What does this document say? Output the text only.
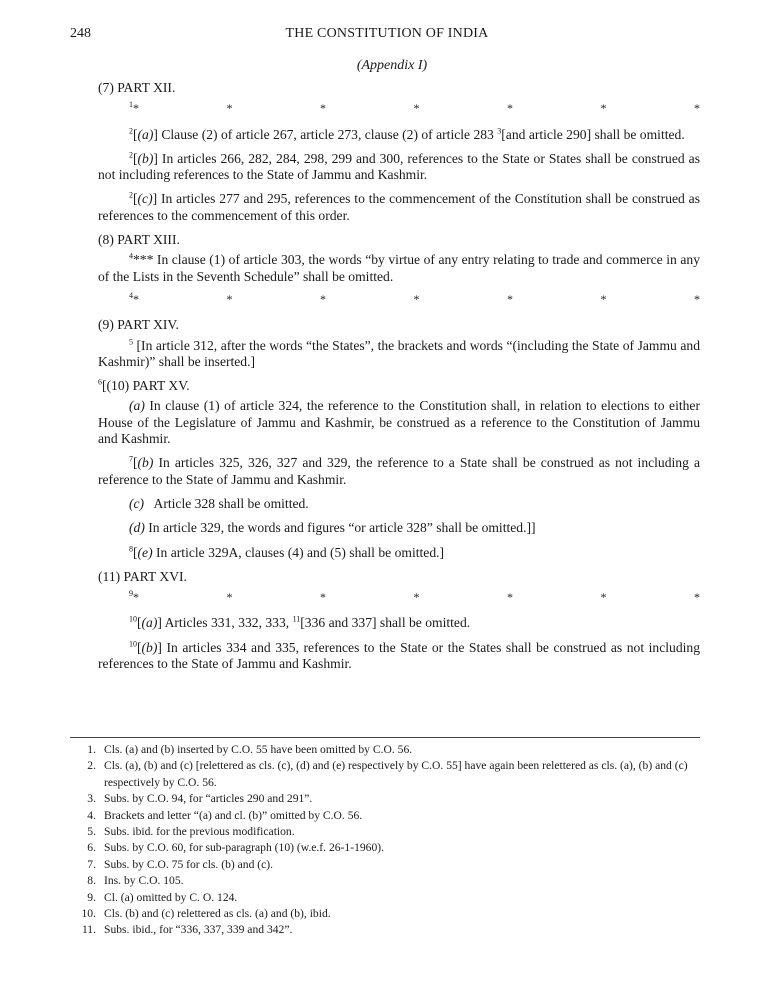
248	THE CONSTITUTION OF INDIA
(Appendix I)
(7) PART XII.
$^1$*	*	*	*	*	*	*
$^2$[(a)] Clause (2) of article 267, article 273, clause (2) of article 283 $^3$[and article 290] shall be omitted.
$^2$[(b)] In articles 266, 282, 284, 298, 299 and 300, references to the State or States shall be construed as not including references to the State of Jammu and Kashmir.
$^2$[(c)] In articles 277 and 295, references to the commencement of the Constitution shall be construed as references to the commencement of this order.
(8) PART XIII.
$^4$*** In clause (1) of article 303, the words “by virtue of any entry relating to trade and commerce in any of the Lists in the Seventh Schedule” shall be omitted.
$^4$*	*	*	*	*	*	*
(9) PART XIV.
$^5$ [In article 312, after the words “the States”, the brackets and words “(including the State of Jammu and Kashmir)” shall be inserted.]
$^6$[(10) PART XV.
(a) In clause (1) of article 324, the reference to the Constitution shall, in relation to elections to either House of the Legislature of Jammu and Kashmir, be construed as a reference to the Constitution of Jammu and Kashmir.
$^7$[(b) In articles 325, 326, 327 and 329, the reference to a State shall be construed as not including a reference to the State of Jammu and Kashmir.
(c)   Article 328 shall be omitted.
(d) In article 329, the words and figures “or article 328” shall be omitted.]]
$^8$[(e) In article 329A, clauses (4) and (5) shall be omitted.]
(11) PART XVI.
$^9$*	*	*	*	*	*	*
$^{10}$[(a)] Articles 331, 332, 333, $^{11}$[336 and 337] shall be omitted.
$^{10}$[(b)] In articles 334 and 335, references to the State or the States shall be construed as not including references to the State of Jammu and Kashmir.
1. Cls. (a) and (b) inserted by C.O. 55 have been omitted by C.O. 56.
2. Cls. (a), (b) and (c) [relettered as cls. (c), (d) and (e) respectively by C.O. 55] have again been relettered as cls. (a), (b) and (c) respectively by C.O. 56.
3. Subs. by C.O. 94, for “articles 290 and 291”.
4. Brackets and letter “(a) and cl. (b)” omitted by C.O. 56.
5. Subs. ibid. for the previous modification.
6. Subs. by C.O. 60, for sub-paragraph (10) (w.e.f. 26-1-1960).
7. Subs. by C.O. 75 for cls. (b) and (c).
8. Ins. by C.O. 105.
9. Cl. (a) omitted by C. O. 124.
10. Cls. (b) and (c) relettered as cls. (a) and (b), ibid.
11. Subs. ibid., for “336, 337, 339 and 342”.
